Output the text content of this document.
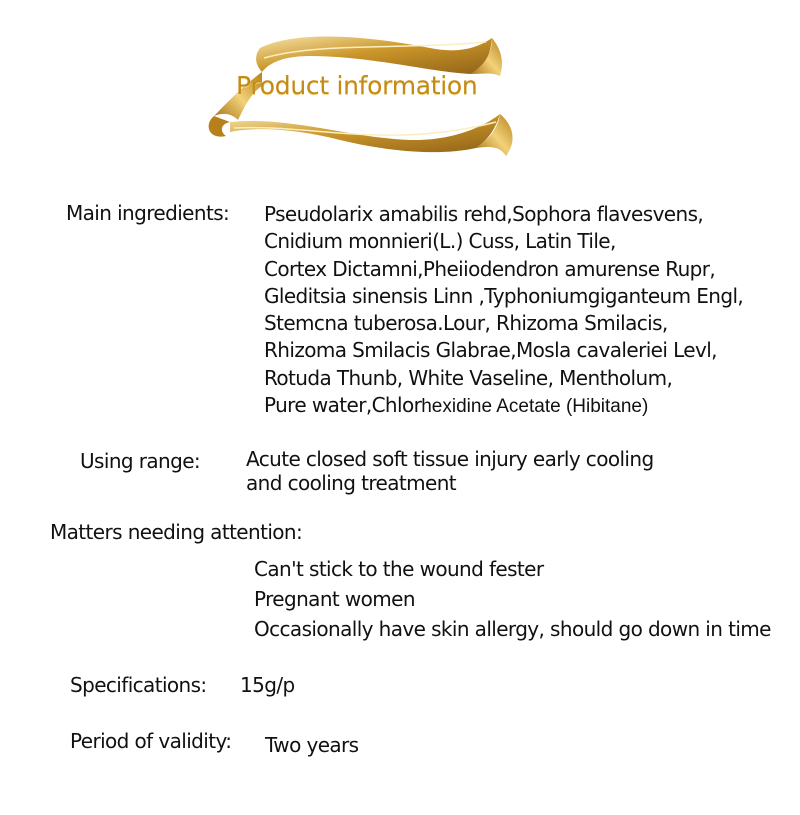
Product information
Main ingredients: Pseudolarix amabilis rehd,Sophora flavesvens,
Cnidium monnieri(L.) Cuss, Latin Tile,
Cortex Dictamni,Pheiiodendron amurense Rupr,
Gleditsia sinensis Linn ,Typhoniumgiganteum Engl,
Stemcna tuberosa.Lour, Rhizoma Smilacis,
Rhizoma Smilacis Glabrae,Mosla cavaleriei Levl,
Rotuda Thunb, White Vaseline, Mentholum,
Pure water,Chlorhexidine Acetate (Hibitane)
Using range: Acute closed soft tissue injury early cooling
and cooling treatment
Matters needing attention:
Can't stick to the wound fester
Pregnant women
Occasionally have skin allergy, should go down in time
Specifications: 15g/p
Period of validity: Two years
